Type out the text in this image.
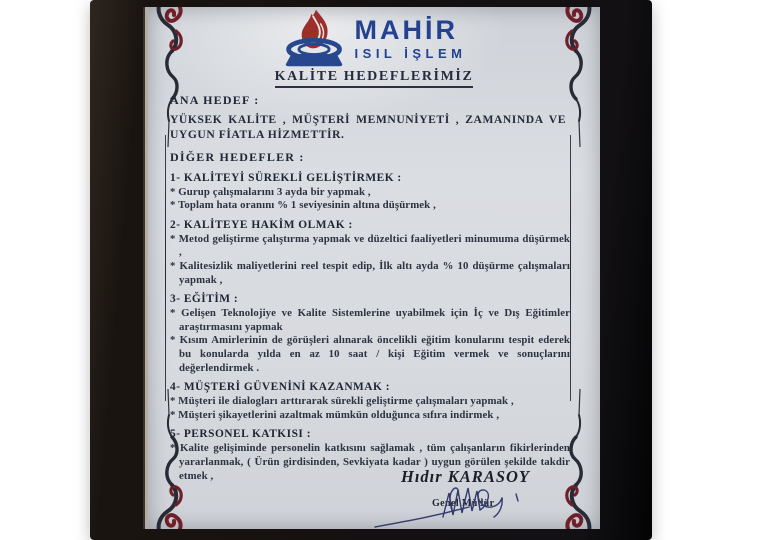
MAHİR
ISIL İŞLEM
KALİTE HEDEFLERİMİZ
ANA HEDEF :
YÜKSEK KALİTE , MÜŞTERİ MEMNUNİYETİ , ZAMANINDA VE UYGUN FİATLA HİZMETTİR.
DİĞER HEDEFLER :
1- KALİTEYİ SÜREKLİ GELİŞTİRMEK :
* Gurup çalışmalarını 3 ayda bir yapmak ,
* Toplam hata oranını % 1 seviyesinin altına düşürmek ,
2- KALİTEYE HAKİM OLMAK :
* Metod geliştirme çalıştırma yapmak ve düzeltici faaliyetleri minumuma düşürmek ,
* Kalitesizlik maliyetlerini reel tespit edip, İlk altı ayda % 10 düşürme çalışmaları yapmak ,
3- EĞİTİM :
* Gelişen Teknolojiye ve Kalite Sistemlerine uyabilmek için İç ve Dış Eğitimler araştırmasını yapmak
* Kısım Amirlerinin de görüşleri alınarak öncelikli eğitim konularını tespit ederek bu konularda yılda en az 10 saat / kişi Eğitim vermek ve sonuçlarını değerlendirmek .
4- MÜŞTERİ GÜVENİNİ KAZANMAK :
* Müşteri ile dialogları arttırarak sürekli geliştirme çalışmaları yapmak ,
* Müşteri şikayetlerini azaltmak mümkün olduğunca sıfıra indirmek ,
5- PERSONEL KATKISI :
* Kalite gelişiminde personelin katkısını sağlamak , tüm çalışanların fikirlerinden yararlanmak, ( Ürün girdisinden, Sevkiyata kadar ) uygun görülen şekilde takdir etmek ,	Hıdır KARASOY
Genel Müdür
